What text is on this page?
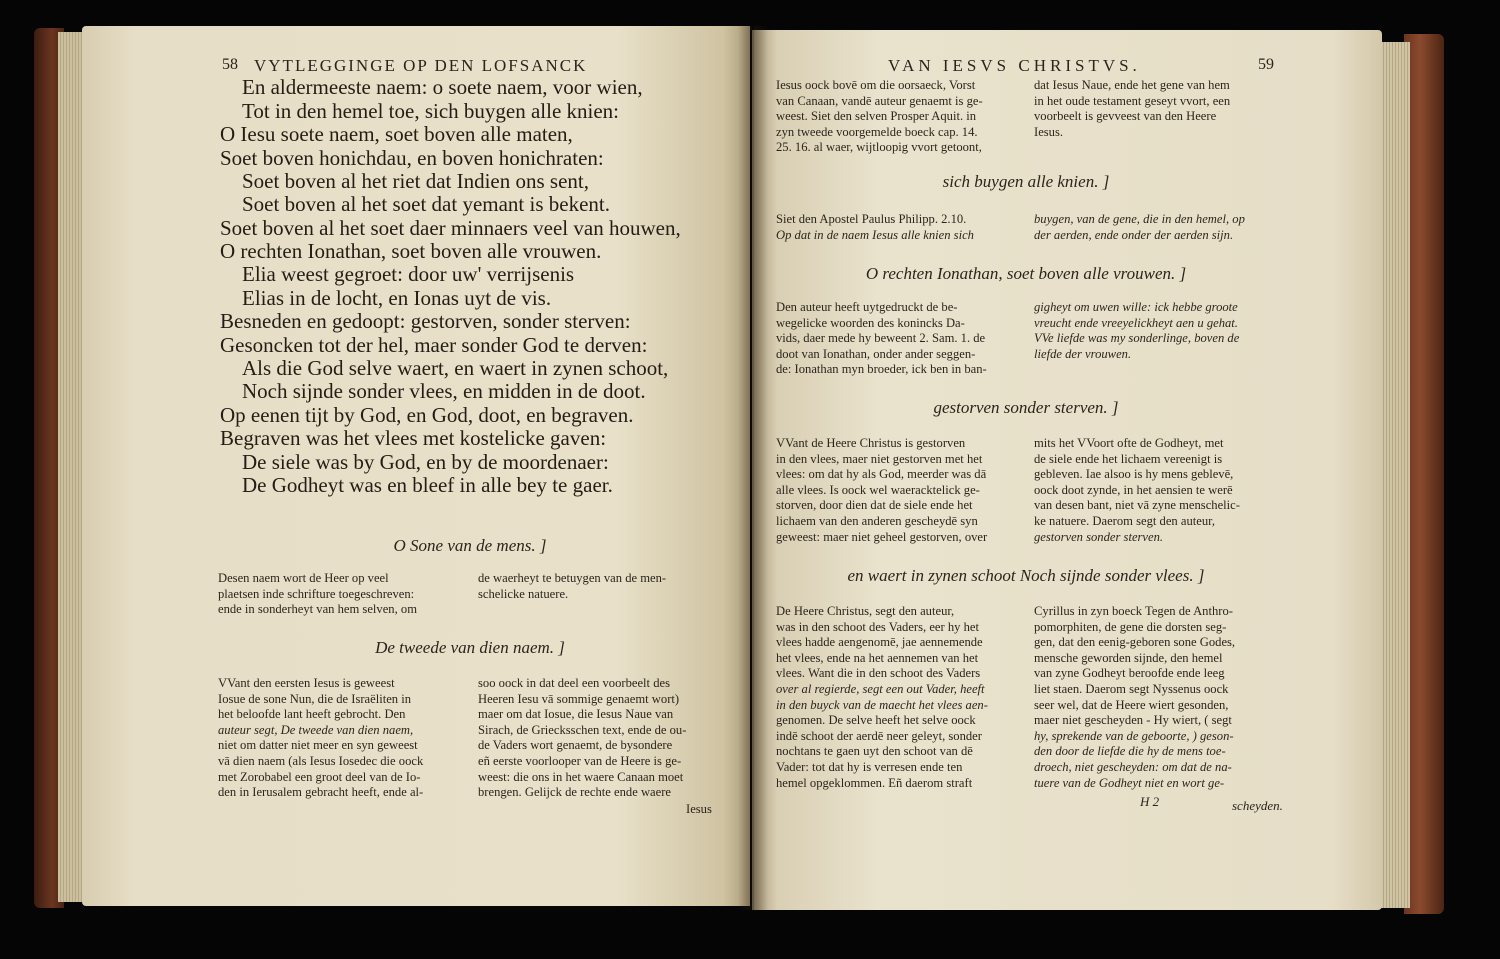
58 VYTLEGGINGE OP DEN LOFSANCK
En aldermeeste naem: o soete naem, voor wien,
Tot in den hemel toe, sich buygen alle knien:
O Iesu soete naem, soet boven alle maten,
Soet boven honichdau, en boven honichraten:
Soet boven al het riet dat Indien ons sent,
Soet boven al het soet dat yemant is bekent.
Soet boven al het soet daer minnaers veel van houwen,
O rechten Ionathan, soet boven alle vrouwen.
Elia weest gegroet: door uw' verrijsenis
Elias in de locht, en Ionas uyt de vis.
Besneden en gedoopt: gestorven, sonder sterven:
Gesoncken tot der hel, maer sonder God te derven:
Als die God selve waert, en waert in zynen schoot,
Noch sijnde sonder vlees, en midden in de doot.
Op eenen tijt by God, en God, doot, en begraven.
Begraven was het vlees met kostelicke gaven:
De siele was by God, en by de moordenaer:
De Godheyt was en bleef in alle bey te gaer.
O Sone van de mens. ]
Desen naem wort de Heer op veel
plaetsen inde schrifture toegeschreven:
ende in sonderheyt van hem selven, om
de waerheyt te betuygen van de men-
schelicke natuere.
De tweede van dien naem. ]
VVant den eersten Iesus is geweest
Iosue de sone Nun, die de Israëliten in
het beloofde lant heeft gebrocht. Den
auteur segt, De tweede van dien naem,
niet om datter niet meer en syn geweest
vā dien naem (als Iesus Iosedec die oock
met Zorobabel een groot deel van de Io-
den in Ierusalem gebracht heeft, ende al-
soo oock in dat deel een voorbeelt des
Heeren Iesu vā sommige genaemt wort)
maer om dat Iosue, die Iesus Naue van
Sirach, de Griecksschen text, ende de ou-
de Vaders wort genaemt, de bysondere
eñ eerste voorlooper van de Heere is ge-
weest: die ons in het waere Canaan moet
brengen. Gelijck de rechte ende waere
Iesus
VAN IESVS CHRISTVS.	59
Iesus oock bovē om die oorsaeck, Vorst
van Canaan, vandē auteur genaemt is ge-
weest. Siet den selven Prosper Aquit. in
zyn tweede voorgemelde boeck cap. 14.
25. 16. al waer, wijtloopig vvort getoont,
dat Iesus Naue, ende het gene van hem
in het oude testament geseyt vvort, een
voorbeelt is gevveest van den Heere
Iesus.
sich buygen alle knien. ]
Siet den Apostel Paulus Philipp. 2.10.
Op dat in de naem Iesus alle knien sich
buygen, van de gene, die in den hemel, op
der aerden, ende onder der aerden sijn.
O rechten Ionathan, soet boven alle vrouwen. ]
Den auteur heeft uytgedruckt de be-
wegelicke woorden des konincks Da-
vids, daer mede hy beweent 2. Sam. 1. de
doot van Ionathan, onder ander seggen-
de: Ionathan myn broeder, ick ben in ban-
gigheyt om uwen wille: ick hebbe groote
vreucht ende vreeyelickheyt aen u gehat.
VVe liefde was my sonderlinge, boven de
liefde der vrouwen.
gestorven sonder sterven. ]
VVant de Heere Christus is gestorven
in den vlees, maer niet gestorven met het
vlees: om dat hy als God, meerder was dā
alle vlees. Is oock wel waeracktelick ge-
storven, door dien dat de siele ende het
lichaem van den anderen gescheydē syn
geweest: maer niet geheel gestorven, over
mits het VVoort ofte de Godheyt, met
de siele ende het lichaem vereenigt is
gebleven. Iae alsoo is hy mens geblevē,
oock doot zynde, in het aensien te werē
van desen bant, niet vā zyne menschelic-
ke natuere. Daerom segt den auteur,
gestorven sonder sterven.
en waert in zynen schoot Noch sijnde sonder vlees. ]
De Heere Christus, segt den auteur,
was in den schoot des Vaders, eer hy het
vlees hadde aengenomē, jae aennemende
het vlees, ende na het aennemen van het
vlees. Want die in den schoot des Vaders
over al regierde, segt een out Vader, heeft
in den buyck van de maecht het vlees aen-
genomen. De selve heeft het selve oock
indē schoot der aerdē neer geleyt, sonder
nochtans te gaen uyt den schoot van dē
Vader: tot dat hy is verresen ende ten
hemel opgeklommen. Eñ daerom straft
Cyrillus in zyn boeck Tegen de Anthro-
pomorphiten, de gene die dorsten seg-
gen, dat den eenig-geboren sone Godes,
mensche geworden sijnde, den hemel
van zyne Godheyt beroofde ende leeg
liet staen. Daerom segt Nyssenus oock
seer wel, dat de Heere wiert gesonden,
maer niet gescheyden - Hy wiert, ( segt
hy, sprekende van de geboorte, ) geson-
den door de liefde die hy de mens toe-
droech, niet gescheyden: om dat de na-
tuere van de Godheyt niet en wort ge-
H 2	scheyden.
